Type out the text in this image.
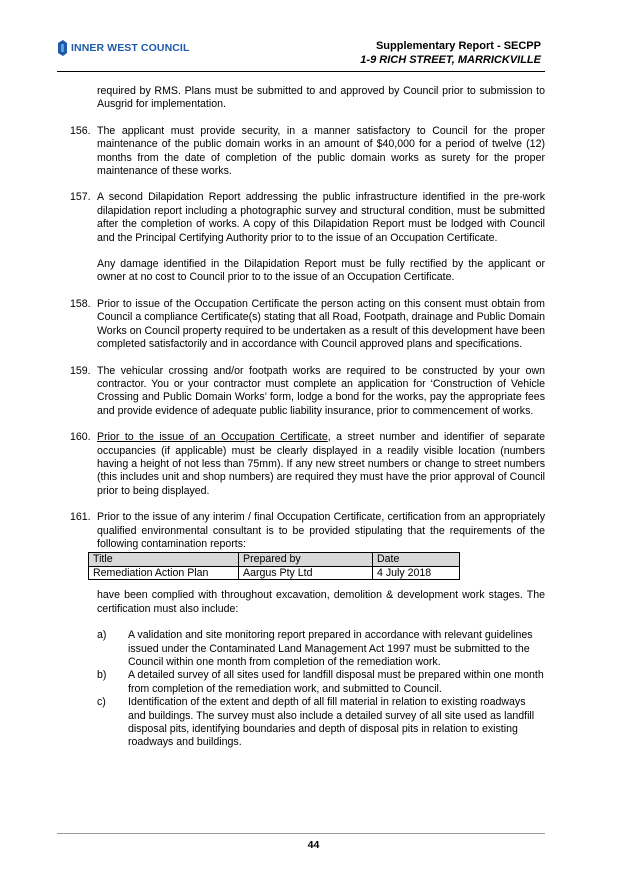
INNER WEST COUNCIL	Supplementary Report - SECPP
1-9 RICH STREET, MARRICKVILLE
required by RMS. Plans must be submitted to and approved by Council prior to submission to Ausgrid for implementation.
156. The applicant must provide security, in a manner satisfactory to Council for the proper maintenance of the public domain works in an amount of $40,000 for a period of twelve (12) months from the date of completion of the public domain works as surety for the proper maintenance of these works.
157. A second Dilapidation Report addressing the public infrastructure identified in the pre-work dilapidation report including a photographic survey and structural condition, must be submitted after the completion of works. A copy of this Dilapidation Report must be lodged with Council and the Principal Certifying Authority prior to to the issue of an Occupation Certificate.
Any damage identified in the Dilapidation Report must be fully rectified by the applicant or owner at no cost to Council prior to to the issue of an Occupation Certificate.
158. Prior to issue of the Occupation Certificate the person acting on this consent must obtain from Council a compliance Certificate(s) stating that all Road, Footpath, drainage and Public Domain Works on Council property required to be undertaken as a result of this development have been completed satisfactorily and in accordance with Council approved plans and specifications.
159. The vehicular crossing and/or footpath works are required to be constructed by your own contractor. You or your contractor must complete an application for ‘Construction of Vehicle Crossing and Public Domain Works’ form, lodge a bond for the works, pay the appropriate fees and provide evidence of adequate public liability insurance, prior to commencement of works.
160. Prior to the issue of an Occupation Certificate, a street number and identifier of separate occupancies (if applicable) must be clearly displayed in a readily visible location (numbers having a height of not less than 75mm). If any new street numbers or change to street numbers (this includes unit and shop numbers) are required they must have the prior approval of Council prior to being displayed.
161. Prior to the issue of any interim / final Occupation Certificate, certification from an appropriately qualified environmental consultant is to be provided stipulating that the requirements of the following contamination reports:
Title	Prepared by	Date
Remediation Action Plan	Aargus Pty Ltd	4 July 2018
have been complied with throughout excavation, demolition & development work stages. The certification must also include:
a)	A validation and site monitoring report prepared in accordance with relevant guidelines issued under the Contaminated Land Management Act 1997 must be submitted to the Council within one month from completion of the remediation work.
b)	A detailed survey of all sites used for landfill disposal must be prepared within one month from completion of the remediation work, and submitted to Council.
c)	Identification of the extent and depth of all fill material in relation to existing roadways and buildings. The survey must also include a detailed survey of all site used as landfill disposal pits, identifying boundaries and depth of disposal pits in relation to existing roadways and buildings.
44
